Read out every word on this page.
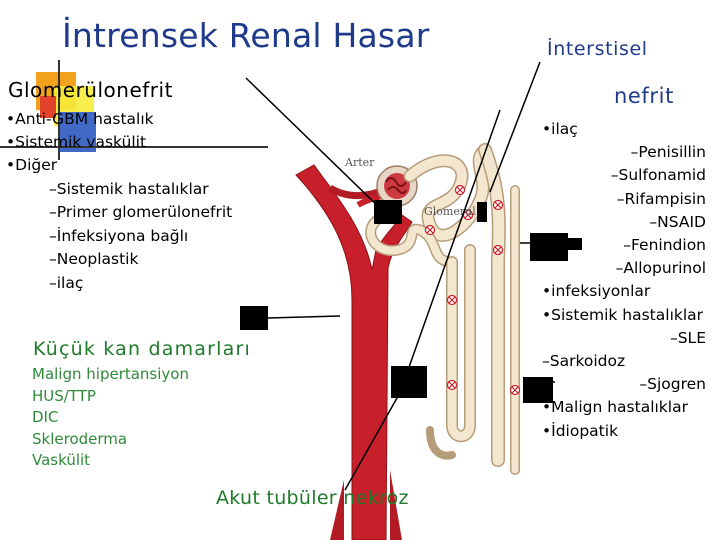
Arter
Glomerul
İntrensek Renal Hasar
Glomerülonefrit
•Anti-GBM hastalık
•Sistemik vaskülit
•Diğer
–Sistemik hastalıklar
–Primer glomerülonefrit
–İnfeksiyona bağlı
–Neoplastik
–ilaç
Küçük kan damarları
Malign hipertansiyon
HUS/TTP
DIC
Skleroderma
Vaskülit
Akut tubüler nekroz
İnterstisel
nefrit
•ilaç
–Penisillin
–Sulfonamid
–Rifampisin
–NSAID
–Fenindion
–Allopurinol
•infeksiyonlar
•Sistemik hastalıklar
–SLE
–Sarkoidoz
–Sjogren
•Malign hastalıklar
•İdiopatik
